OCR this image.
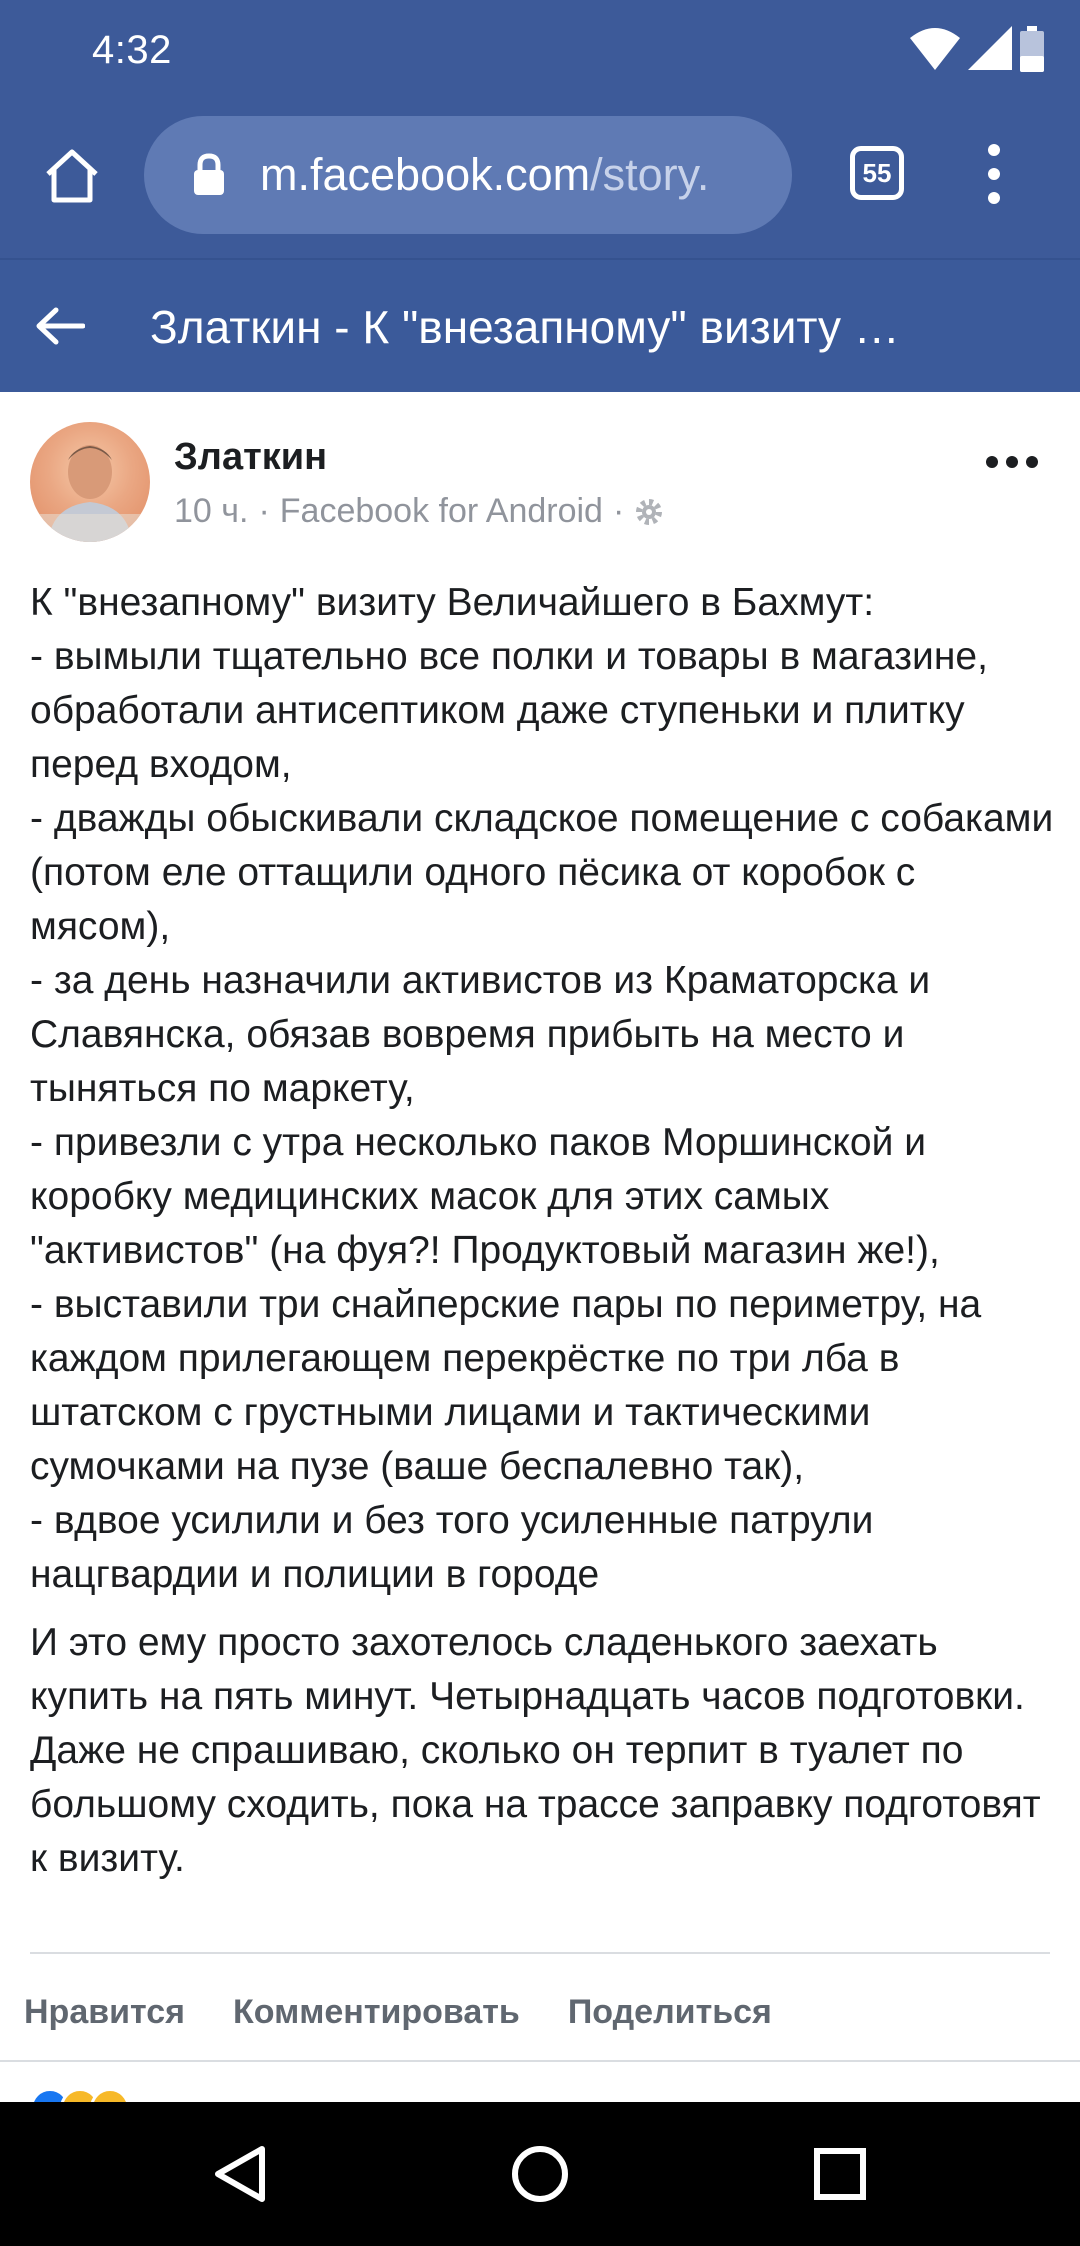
4:32
m.facebook.com/story.	55
Златкин - К "внезапному" визиту …
Златкин
10 ч. · Facebook for Android ·

К "внезапному" визиту Величайшего в Бахмут:
- вымыли тщательно все полки и товары в магазине, обработали антисептиком даже ступеньки и плитку перед входом,
- дважды обыскивали складское помещение с собаками (потом еле оттащили одного пёсика от коробок с мясом),
- за день назначили активистов из Краматорска и Славянска, обязав вовремя прибыть на место и тыняться по маркету,
- привезли с утра несколько паков Моршинской и коробку медицинских масок для этих самых "активистов" (на фуя?! Продуктовый магазин же!),
- выставили три снайперские пары по периметру, на каждом прилегающем перекрёстке по три лба в штатском с грустными лицами и тактическими сумочками на пузе (ваше беспалевно так),
- вдвое усилили и без того усиленные патрули нацгвардии и полиции в городе

И это ему просто захотелось сладенького заехать купить на пять минут. Четырнадцать часов подготовки. Даже не спрашиваю, сколько он терпит в туалет по большому сходить, пока на трассе заправку подготовят к визиту.

Нравится Комментировать Поделиться
